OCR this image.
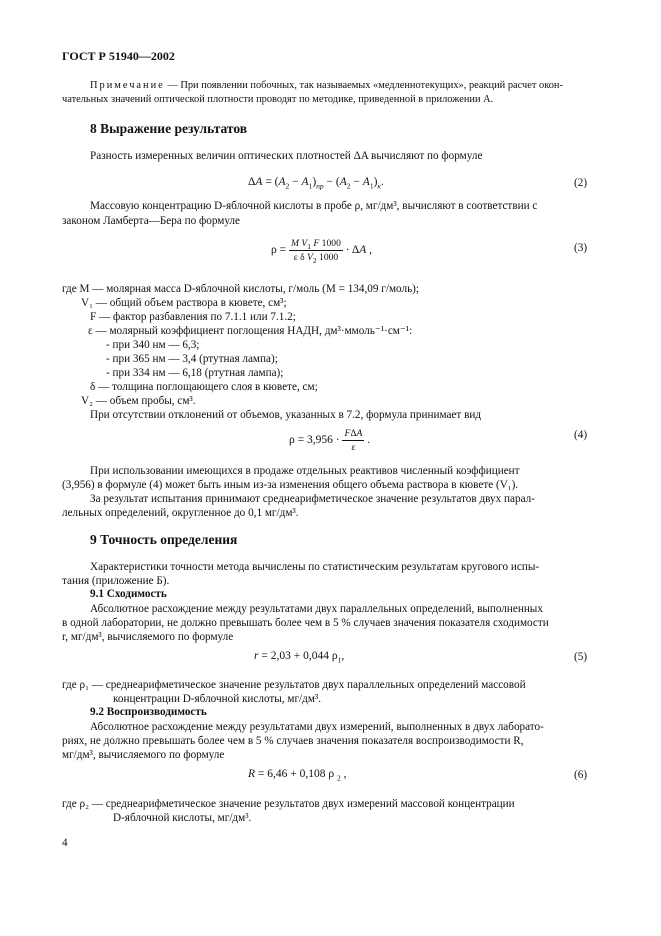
ГОСТ Р 51940—2002
Примечание — При появлении побочных, так называемых «медленнотекущих», реакций расчет окон-
чательных значений оптической плотности проводят по методике, приведенной в приложении А.
8 Выражение результатов
Разность измеренных величин оптических плотностей ΔA вычисляют по формуле
$\Delta A = (A_2 - A_1)_{пр} - (A_2 - A_1)_к$.	(2)
Массовую концентрацию D-яблочной кислоты в пробе ρ, мг/дм³, вычисляют в соответствии с
законом Ламберта—Бера по формуле
$\rho = \frac{M V_1 F 1000}{\varepsilon \delta V_2 1000} \cdot \Delta A$ ,	(3)
где M — молярная масса D-яблочной кислоты, г/моль (M = 134,09 г/моль);
V₁ — общий объем раствора в кювете, см³;
F — фактор разбавления по 7.1.1 или 7.1.2;
ε — молярный коэффициент поглощения НАДН, дм³·ммоль⁻¹·см⁻¹:
- при 340 нм — 6,3;
- при 365 нм — 3,4 (ртутная лампа);
- при 334 нм — 6,18 (ртутная лампа);
δ — толщина поглощающего слоя в кювете, см;
V₂ — объем пробы, см³.
При отсутствии отклонений от объемов, указанных в 7.2, формула принимает вид
$\rho = 3,956 \cdot \frac{\text{FΔA}}{\varepsilon}$ .	(4)
При использовании имеющихся в продаже отдельных реактивов численный коэффициент
(3,956) в формуле (4) может быть иным из-за изменения общего объема раствора в кювете (V₁).
За результат испытания принимают среднеарифметическое значение результатов двух парал-
лельных определений, округленное до 0,1 мг/дм³.
9 Точность определения
Характеристики точности метода вычислены по статистическим результатам кругового испы-
тания (приложение Б).
9.1 Сходимость
Абсолютное расхождение между результатами двух параллельных определений, выполненных
в одной лаборатории, не должно превышать более чем в 5 % случаев значения показателя сходимости
r, мг/дм³, вычисляемого по формуле
r = 2,03 + 0,044 $\rho_1$,	(5)
где ρ₁ — среднеарифметическое значение результатов двух параллельных определений массовой
концентрации D-яблочной кислоты, мг/дм³.
9.2 Воспроизводимость
Абсолютное расхождение между результатами двух измерений, выполненных в двух лаборато-
риях, не должно превышать более чем в 5 % случаев значения показателя воспроизводимости R,
мг/дм³, вычисляемого по формуле
R = 6,46 + 0,108 ρ $_2$ ,	(6)
где ρ₂ — среднеарифметическое значение результатов двух измерений массовой концентрации
D-яблочной кислоты, мг/дм³.
4
